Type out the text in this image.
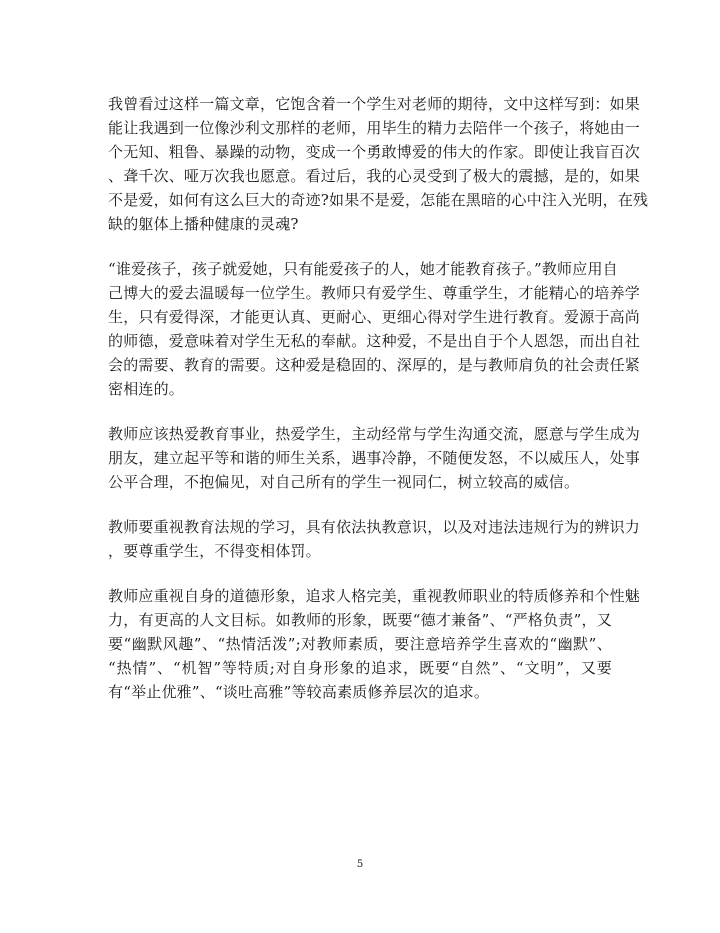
我曾看过这样一篇文章，它饱含着一个学生对老师的期待，文中这样写到：如果
能让我遇到一位像沙利文那样的老师，用毕生的精力去陪伴一个孩子，将她由一
个无知、粗鲁、暴躁的动物，变成一个勇敢博爱的伟大的作家。即使让我盲百次
、聋千次、哑万次我也愿意。看过后，我的心灵受到了极大的震撼，是的，如果
不是爱，如何有这么巨大的奇迹?如果不是爱，怎能在黑暗的心中注入光明，在残
缺的躯体上播种健康的灵魂?

“谁爱孩子，孩子就爱她，只有能爱孩子的人，她才能教育孩子。”教师应用自
己博大的爱去温暖每一位学生。教师只有爱学生、尊重学生，才能精心的培养学
生，只有爱得深，才能更认真、更耐心、更细心得对学生进行教育。爱源于高尚
的师德，爱意味着对学生无私的奉献。这种爱，不是出自于个人恩怨，而出自社
会的需要、教育的需要。这种爱是稳固的、深厚的，是与教师肩负的社会责任紧
密相连的。

教师应该热爱教育事业，热爱学生，主动经常与学生沟通交流，愿意与学生成为
朋友，建立起平等和谐的师生关系，遇事冷静，不随便发怒，不以威压人，处事
公平合理，不抱偏见，对自己所有的学生一视同仁，树立较高的威信。

教师要重视教育法规的学习，具有依法执教意识，以及对违法违规行为的辨识力
，要尊重学生，不得变相体罚。

教师应重视自身的道德形象，追求人格完美，重视教师职业的特质修养和个性魅
力，有更高的人文目标。如教师的形象，既要“德才兼备”、“严格负责”，又
要“幽默风趣”、“热情活泼”;对教师素质，要注意培养学生喜欢的“幽默”、
“热情”、“机智”等特质;对自身形象的追求，既要“自然”、“文明”，又要
有“举止优雅”、“谈吐高雅”等较高素质修养层次的追求。

5
